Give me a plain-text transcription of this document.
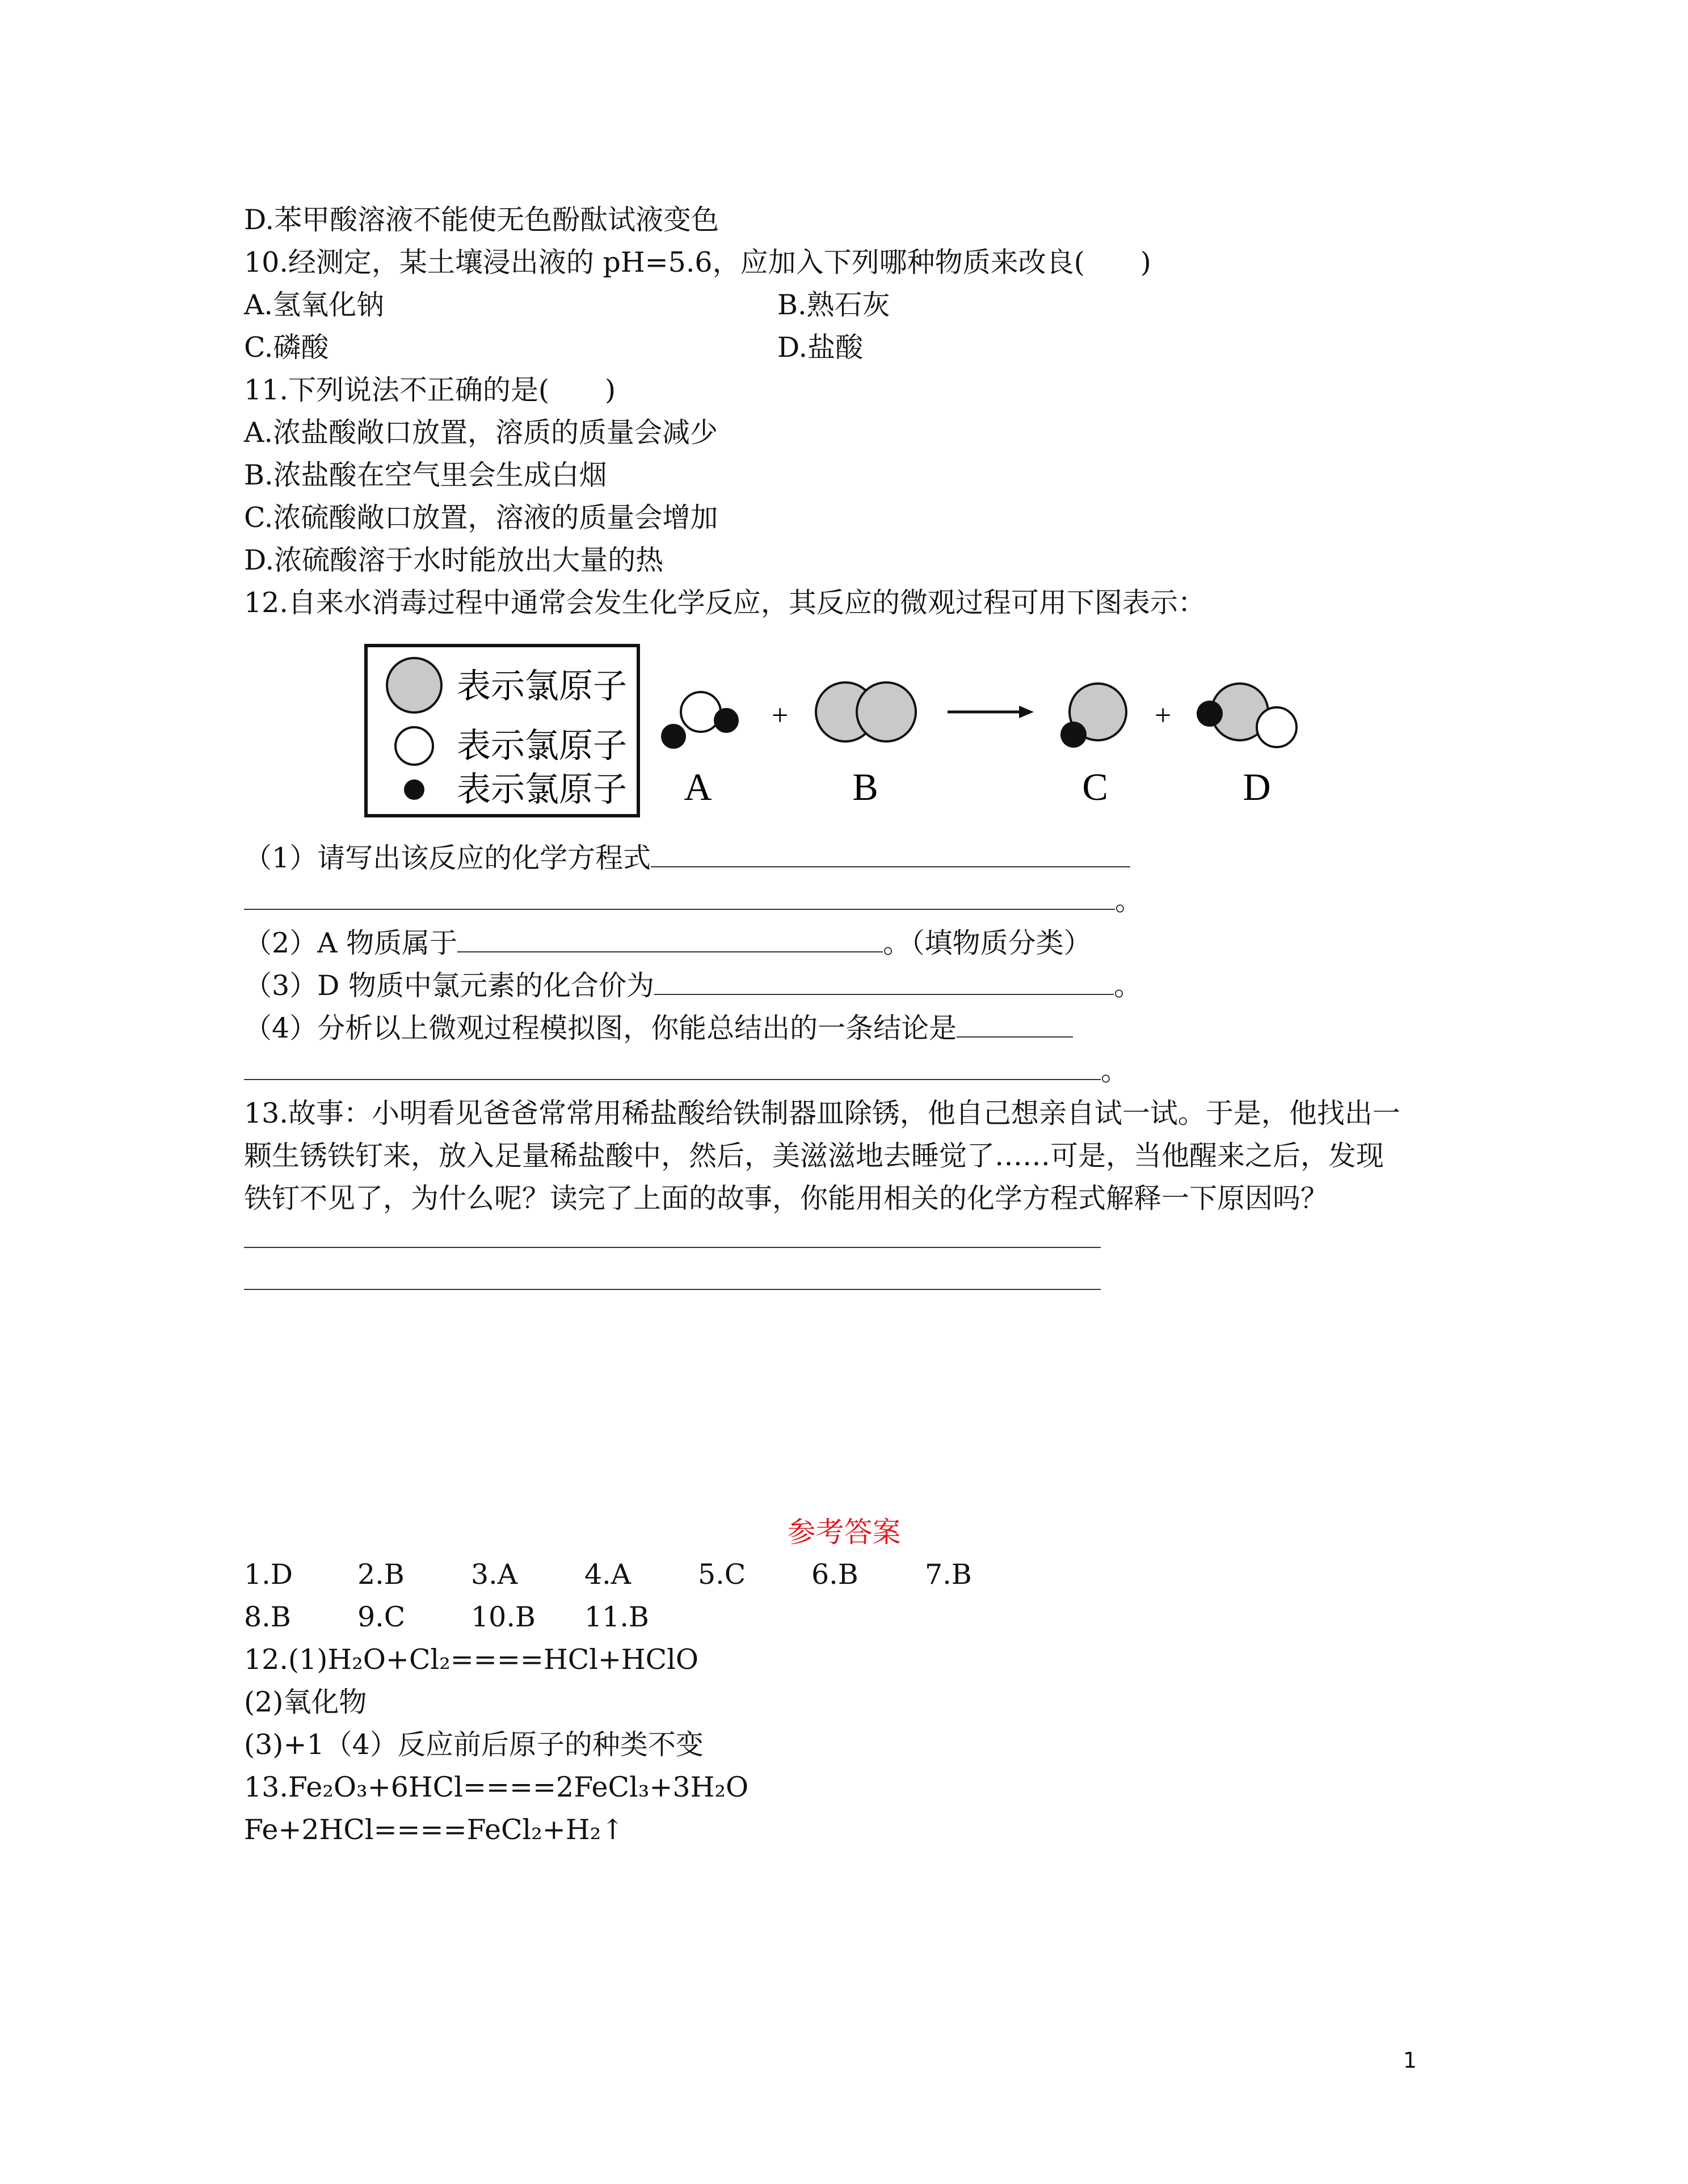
D.苯甲酸溶液不能使无色酚酞试液变色
10.经测定，某土壤浸出液的 pH=5.6，应加入下列哪种物质来改良(　　)
A.氢氧化钠	B.熟石灰
C.磷酸	D.盐酸
11.下列说法不正确的是(　　)
A.浓盐酸敞口放置，溶质的质量会减少
B.浓盐酸在空气里会生成白烟
C.浓硫酸敞口放置，溶液的质量会增加
D.浓硫酸溶于水时能放出大量的热
12.自来水消毒过程中通常会发生化学反应，其反应的微观过程可用下图表示：
表示氯原子
表示氯原子
表示氯原子
+	+
A	B	C	D
（1）请写出该反应的化学方程式
。
（2）A 物质属于	。（填物质分类）
（3）D 物质中氯元素的化合价为	。
（4）分析以上微观过程模拟图，你能总结出的一条结论是
。
13.故事：小明看见爸爸常常用稀盐酸给铁制器皿除锈，他自己想亲自试一试。于是，他找出一
颗生锈铁钉来，放入足量稀盐酸中，然后，美滋滋地去睡觉了……可是，当他醒来之后，发现
铁钉不见了，为什么呢？读完了上面的故事，你能用相关的化学方程式解释一下原因吗？
参考答案
1.D 2.B 3.A 4.A 5.C 6.B 7.B
8.B 9.C 10.B 11.B
12.(1)H₂O+Cl₂====HCl+HClO
(2)氧化物
(3)+1（4）反应前后原子的种类不变
13.Fe₂O₃+6HCl====2FeCl₃+3H₂O
Fe+2HCl====FeCl₂+H₂↑
1
